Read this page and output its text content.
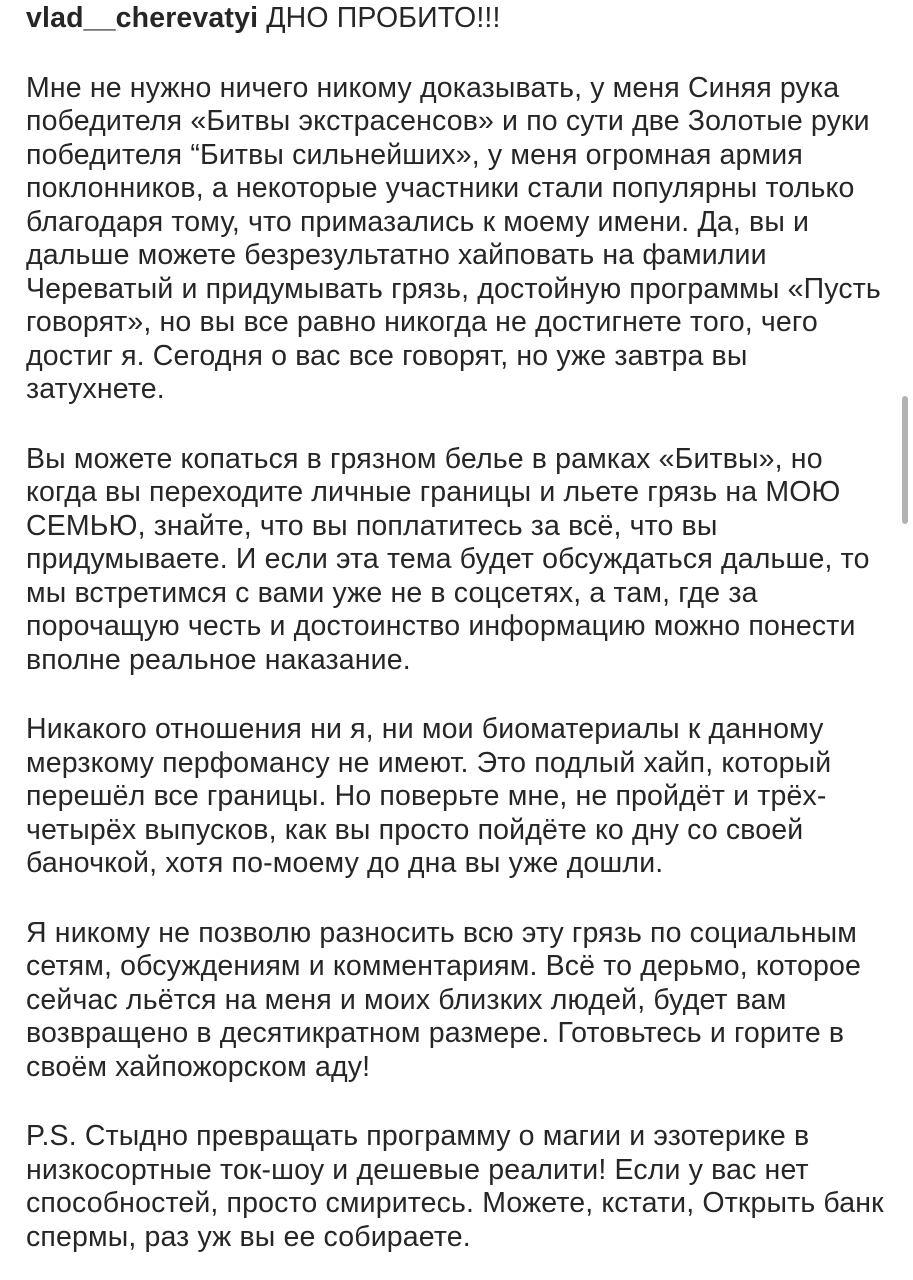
vlad__cherevatyi ДНО ПРОБИТО!!!

Мне не нужно ничего никому доказывать, у меня Синяя рука победителя «Битвы экстрасенсов» и по сути две Золотые руки победителя “Битвы сильнейших», у меня огромная армия поклонников, а некоторые участники стали популярны только благодаря тому, что примазались к моему имени. Да, вы и дальше можете безрезультатно хайповать на фамилии Череватый и придумывать грязь, достойную программы «Пусть говорят», но вы все равно никогда не достигнете того, чего достиг я. Сегодня о вас все говорят, но уже завтра вы затухнете.

Вы можете копаться в грязном белье в рамках «Битвы», но когда вы переходите личные границы и льете грязь на МОЮ СЕМЬЮ, знайте, что вы поплатитесь за всё, что вы придумываете. И если эта тема будет обсуждаться дальше, то мы встретимся с вами уже не в соцсетях, а там, где за порочащую честь и достоинство информацию можно понести вполне реальное наказание.

Никакого отношения ни я, ни мои биоматериалы к данному мерзкому перфомансу не имеют. Это подлый хайп, который перешёл все границы. Но поверьте мне, не пройдёт и трёх-четырёх выпусков, как вы просто пойдёте ко дну со своей баночкой, хотя по-моему до дна вы уже дошли.

Я никому не позволю разносить всю эту грязь по социальным сетям, обсуждениям и комментариям. Всё то дерьмо, которое сейчас льётся на меня и моих близких людей, будет вам возвращено в десятикратном размере. Готовьтесь и горите в своём хайпожорском аду!

P.S. Стыдно превращать программу о магии и эзотерике в низкосортные ток-шоу и дешевые реалити! Если у вас нет способностей, просто смиритесь. Можете, кстати, Открыть банк спермы, раз уж вы ее собираете.
